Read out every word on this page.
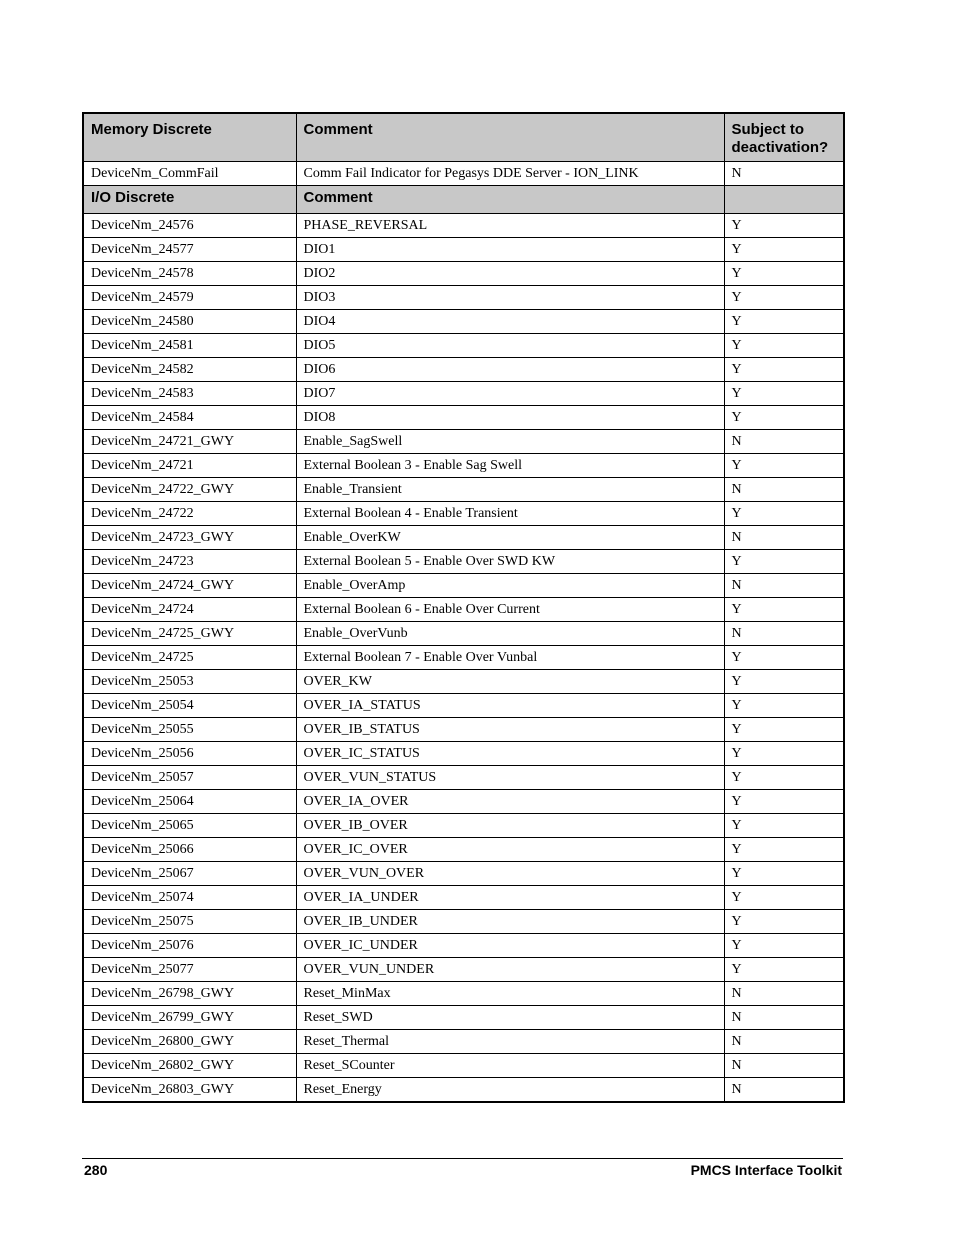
Memory Discrete	Comment	Subject to deactivation?
DeviceNm_CommFail	Comm Fail Indicator for Pegasys DDE Server - ION_LINK	N
I/O Discrete	Comment	
DeviceNm_24576	PHASE_REVERSAL	Y
DeviceNm_24577	DIO1	Y
DeviceNm_24578	DIO2	Y
DeviceNm_24579	DIO3	Y
DeviceNm_24580	DIO4	Y
DeviceNm_24581	DIO5	Y
DeviceNm_24582	DIO6	Y
DeviceNm_24583	DIO7	Y
DeviceNm_24584	DIO8	Y
DeviceNm_24721_GWY	Enable_SagSwell	N
DeviceNm_24721	External Boolean 3 - Enable Sag Swell	Y
DeviceNm_24722_GWY	Enable_Transient	N
DeviceNm_24722	External Boolean 4 - Enable Transient	Y
DeviceNm_24723_GWY	Enable_OverKW	N
DeviceNm_24723	External Boolean 5 - Enable Over SWD KW	Y
DeviceNm_24724_GWY	Enable_OverAmp	N
DeviceNm_24724	External Boolean 6 - Enable Over Current	Y
DeviceNm_24725_GWY	Enable_OverVunb	N
DeviceNm_24725	External Boolean 7 - Enable Over Vunbal	Y
DeviceNm_25053	OVER_KW	Y
DeviceNm_25054	OVER_IA_STATUS	Y
DeviceNm_25055	OVER_IB_STATUS	Y
DeviceNm_25056	OVER_IC_STATUS	Y
DeviceNm_25057	OVER_VUN_STATUS	Y
DeviceNm_25064	OVER_IA_OVER	Y
DeviceNm_25065	OVER_IB_OVER	Y
DeviceNm_25066	OVER_IC_OVER	Y
DeviceNm_25067	OVER_VUN_OVER	Y
DeviceNm_25074	OVER_IA_UNDER	Y
DeviceNm_25075	OVER_IB_UNDER	Y
DeviceNm_25076	OVER_IC_UNDER	Y
DeviceNm_25077	OVER_VUN_UNDER	Y
DeviceNm_26798_GWY	Reset_MinMax	N
DeviceNm_26799_GWY	Reset_SWD	N
DeviceNm_26800_GWY	Reset_Thermal	N
DeviceNm_26802_GWY	Reset_SCounter	N
DeviceNm_26803_GWY	Reset_Energy	N
280	PMCS Interface Toolkit
